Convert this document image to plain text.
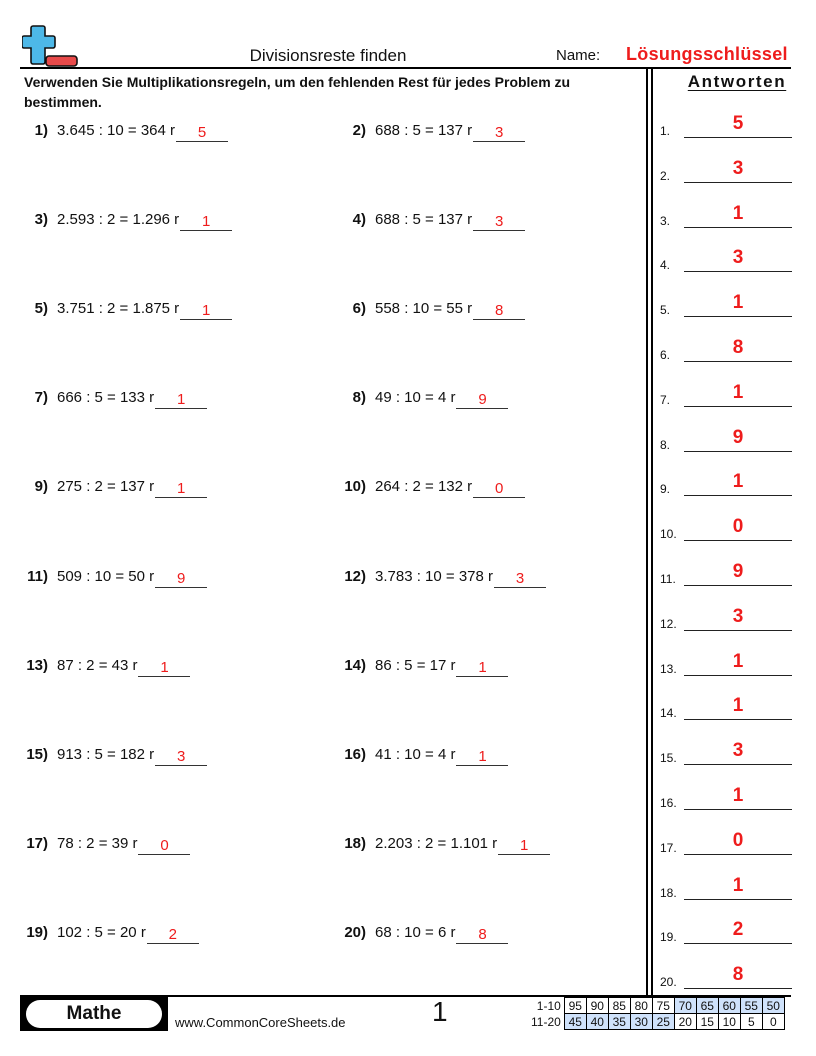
Divisionsreste finden	Name: Lösungsschlüssel
Verwenden Sie Multiplikationsregeln, um den fehlenden Rest für jedes Problem zu bestimmen.
Antworten
1) 3.645 : 10 = 364 r	5	2) 688 : 5 = 137 r	3
3) 2.593 : 2 = 1.296 r	1	4) 688 : 5 = 137 r	3
5) 3.751 : 2 = 1.875 r	1	6) 558 : 10 = 55 r	8
7) 666 : 5 = 133 r	1	8) 49 : 10 = 4 r	9
9) 275 : 2 = 137 r	1	10) 264 : 2 = 132 r	0
11) 509 : 10 = 50 r	9	12) 3.783 : 10 = 378 r	3
13) 87 : 2 = 43 r	1	14) 86 : 5 = 17 r	1
15) 913 : 5 = 182 r	3	16) 41 : 10 = 4 r	1
17) 78 : 2 = 39 r	0	18) 2.203 : 2 = 1.101 r	1
19) 102 : 5 = 20 r	2	20) 68 : 10 = 6 r	8
1.	5
2.	3
3.	1
4.	3
5.	1
6.	8
7.	1
8.	9
9.	1
10.	0
11.	9
12.	3
13.	1
14.	1
15.	3
16.	1
17.	0
18.	1
19.	2
20.	8
Mathe	www.CommonCoreSheets.de	1	1-10	95	90	85	80	75	70	65	60	55	50
11-20	45	40	35	30	25	20	15	10	5	0
